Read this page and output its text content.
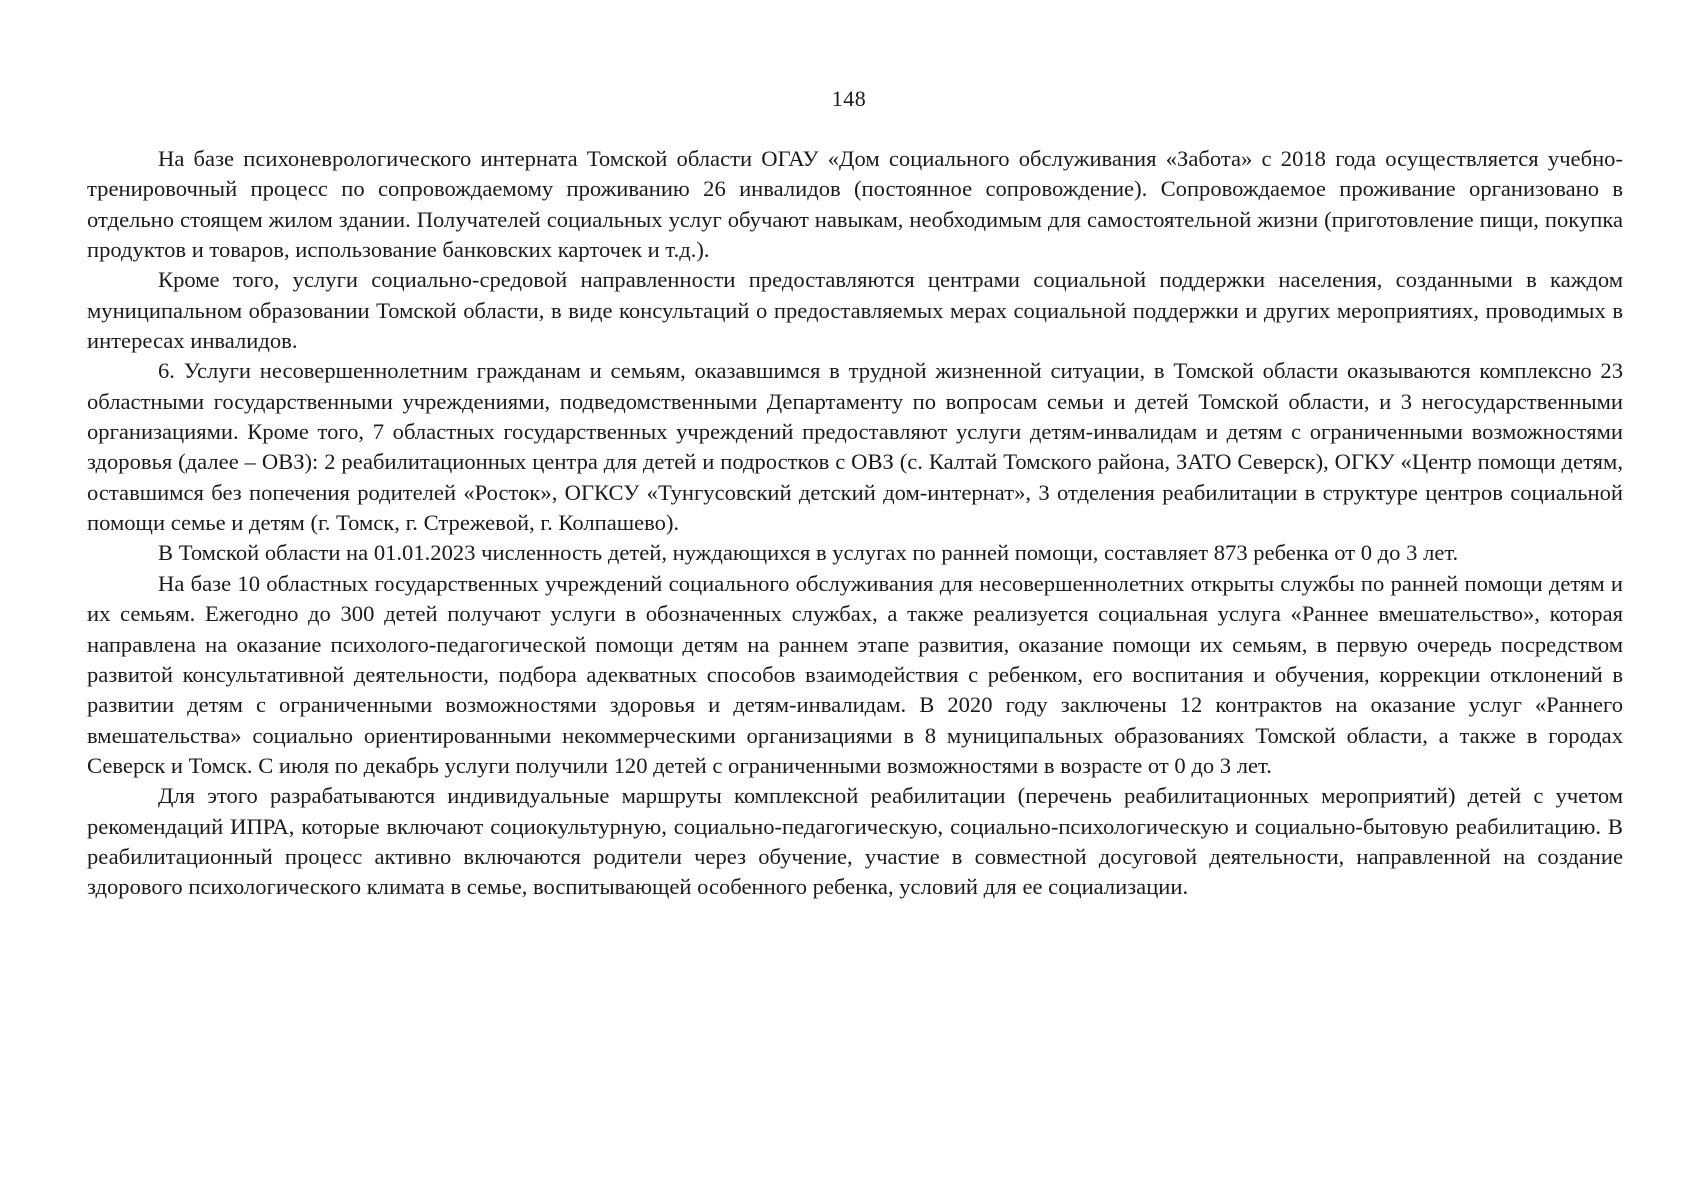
148

На базе психоневрологического интерната Томской области ОГАУ «Дом социального обслуживания «Забота» с 2018 года осуществляется учебно-тренировочный процесс по сопровождаемому проживанию 26 инвалидов (постоянное сопровождение). Сопровождаемое проживание организовано в отдельно стоящем жилом здании. Получателей социальных услуг обучают навыкам, необходимым для самостоятельной жизни (приготовление пищи, покупка продуктов и товаров, использование банковских карточек и т.д.).

Кроме того, услуги социально-средовой направленности предоставляются центрами социальной поддержки населения, созданными в каждом муниципальном образовании Томской области, в виде консультаций о предоставляемых мерах социальной поддержки и других мероприятиях, проводимых в интересах инвалидов.

6. Услуги несовершеннолетним гражданам и семьям, оказавшимся в трудной жизненной ситуации, в Томской области оказываются комплексно 23 областными государственными учреждениями, подведомственными Департаменту по вопросам семьи и детей Томской области, и 3 негосударственными организациями. Кроме того, 7 областных государственных учреждений предоставляют услуги детям-инвалидам и детям с ограниченными возможностями здоровья (далее – ОВЗ): 2 реабилитационных центра для детей и подростков с ОВЗ (с. Калтай Томского района, ЗАТО Северск), ОГКУ «Центр помощи детям, оставшимся без попечения родителей «Росток», ОГКСУ «Тунгусовский детский дом-интернат», 3 отделения реабилитации в структуре центров социальной помощи семье и детям (г. Томск, г. Стрежевой, г. Колпашево).

В Томской области на 01.01.2023 численность детей, нуждающихся в услугах по ранней помощи, составляет 873 ребенка от 0 до 3 лет.

На базе 10 областных государственных учреждений социального обслуживания для несовершеннолетних открыты службы по ранней помощи детям и их семьям. Ежегодно до 300 детей получают услуги в обозначенных службах, а также реализуется социальная услуга «Раннее вмешательство», которая направлена на оказание психолого-педагогической помощи детям на раннем этапе развития, оказание помощи их семьям, в первую очередь посредством развитой консультативной деятельности, подбора адекватных способов взаимодействия с ребенком, его воспитания и обучения, коррекции отклонений в развитии детям с ограниченными возможностями здоровья и детям-инвалидам. В 2020 году заключены 12 контрактов на оказание услуг «Раннего вмешательства» социально ориентированными некоммерческими организациями в 8 муниципальных образованиях Томской области, а также в городах Северск и Томск. С июля по декабрь услуги получили 120 детей с ограниченными возможностями в возрасте от 0 до 3 лет.

Для этого разрабатываются индивидуальные маршруты комплексной реабилитации (перечень реабилитационных мероприятий) детей с учетом рекомендаций ИПРА, которые включают социокультурную, социально-педагогическую, социально-психологическую и социально-бытовую реабилитацию. В реабилитационный процесс активно включаются родители через обучение, участие в совместной досуговой деятельности, направленной на создание здорового психологического климата в семье, воспитывающей особенного ребенка, условий для ее социализации.
